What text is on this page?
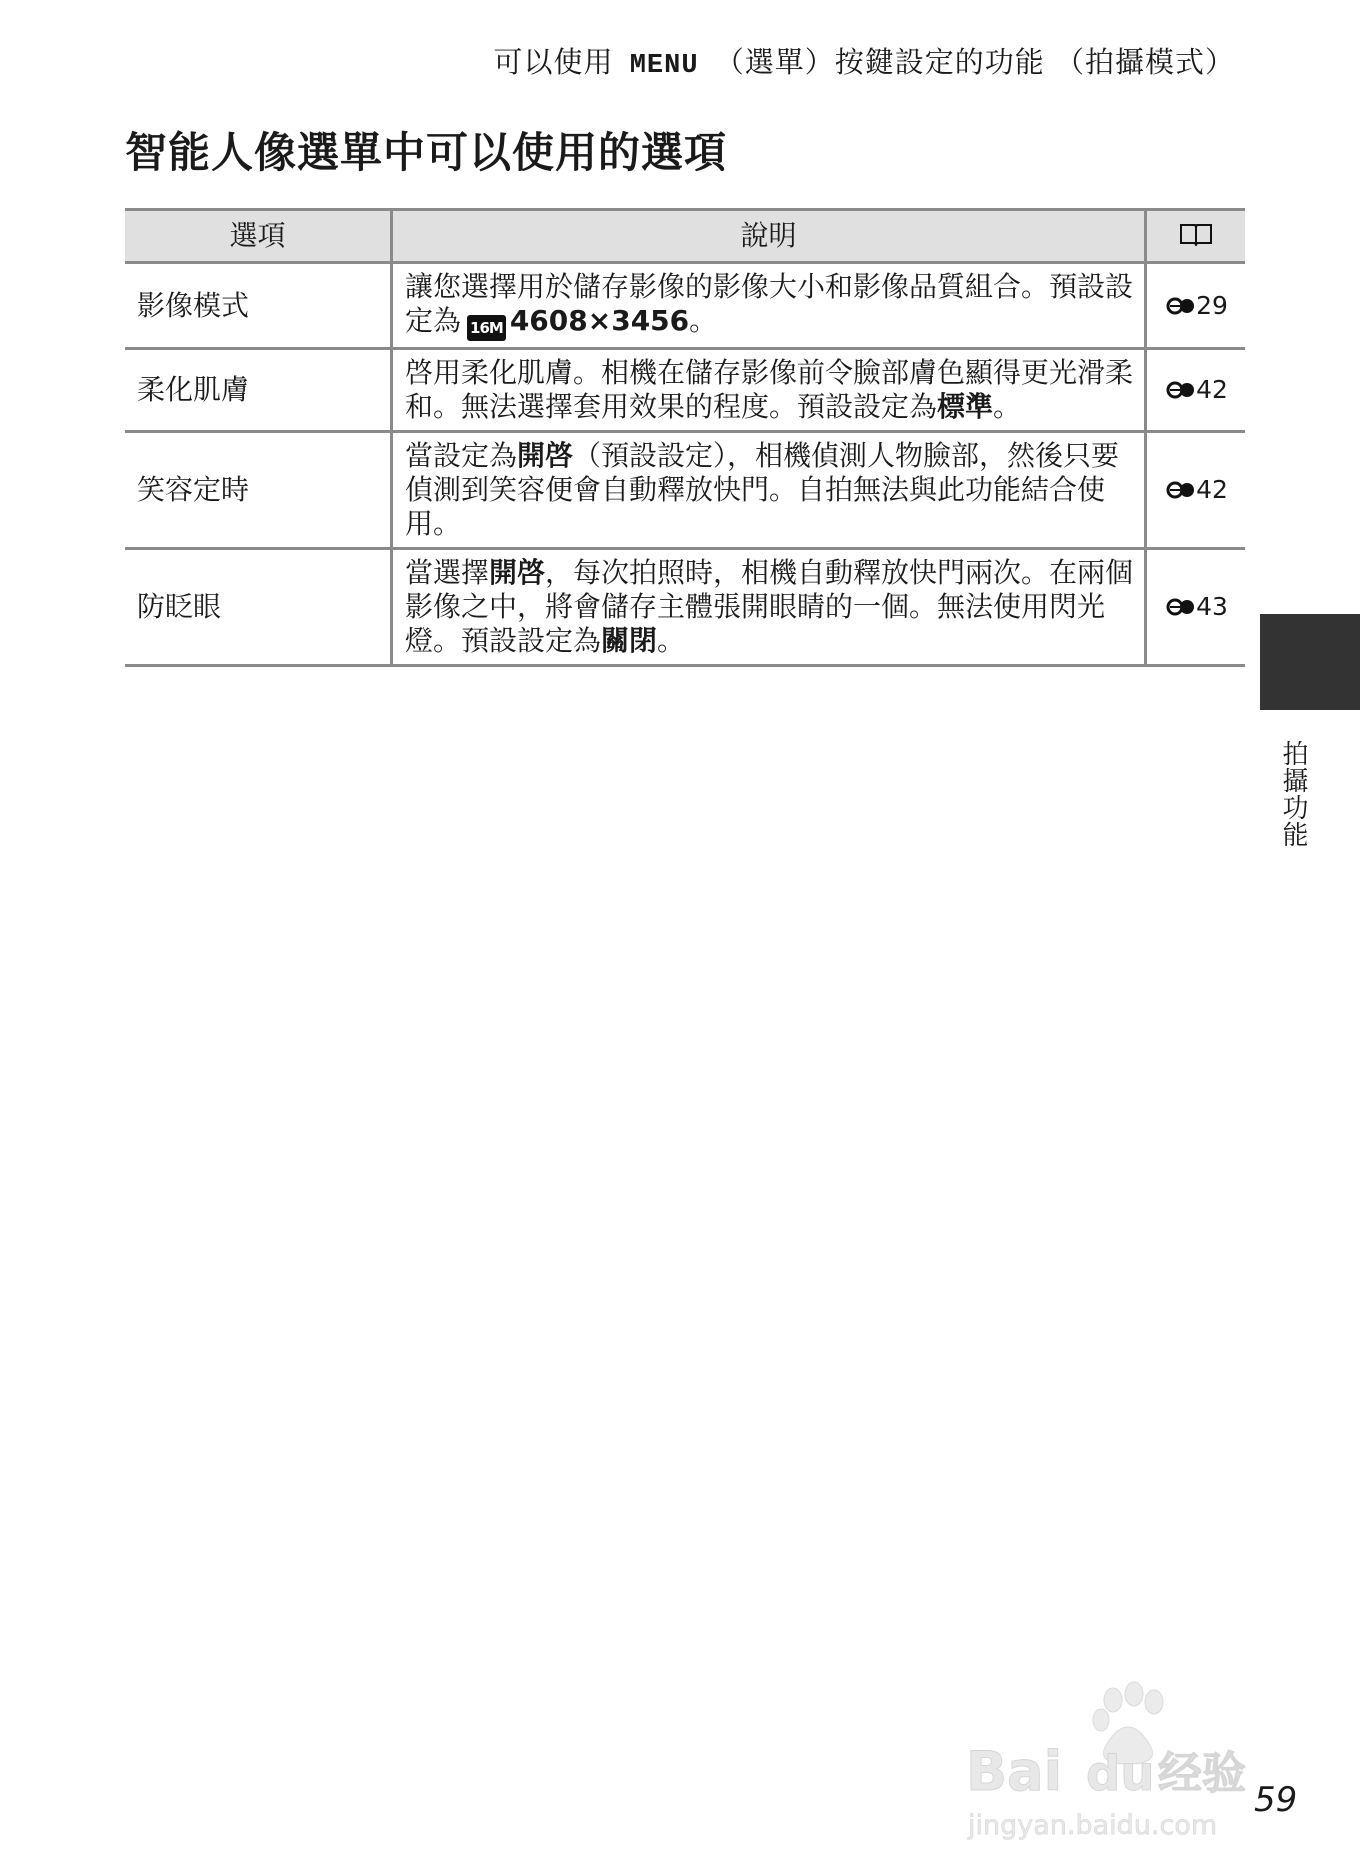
可以使用 MENU （選單）按鍵設定的功能 （拍攝模式）
智能人像選單中可以使用的選項
選項	說明	
影像模式	讓您選擇用於儲存影像的影像大小和影像品質組合。預設設定為 16M 4608×3456。	29
柔化肌膚	啓用柔化肌膚。相機在儲存影像前令臉部膚色顯得更光滑柔和。無法選擇套用效果的程度。預設設定為標準。	42
笑容定時	當設定為開啓（預設設定），相機偵測人物臉部，然後只要偵測到笑容便會自動釋放快門。自拍無法與此功能結合使用。	42
防眨眼	當選擇開啓，每次拍照時，相機自動釋放快門兩次。在兩個影像之中，將會儲存主體張開眼睛的一個。無法使用閃光燈。預設設定為關閉。	43
拍攝功能
59
Bai du 经验
jingyan.baidu.com
